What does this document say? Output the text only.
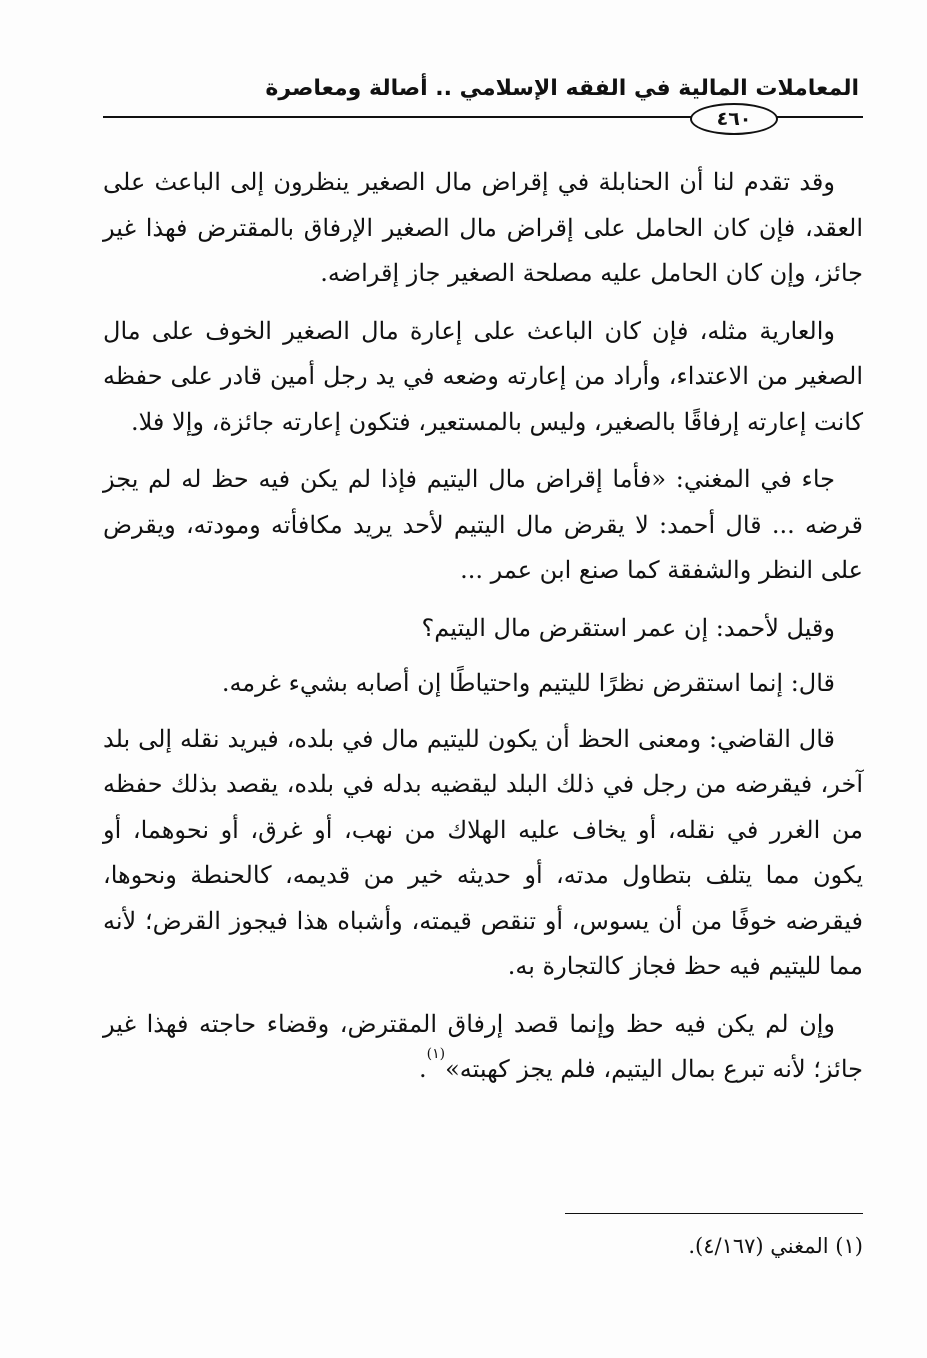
المعاملات المالية في الفقه الإسلامي .. أصالة ومعاصرة
٤٦٠

وقد تقدم لنا أن الحنابلة في إقراض مال الصغير ينظرون إلى الباعث على العقد، فإن كان الحامل على إقراض مال الصغير الإرفاق بالمقترض فهذا غير جائز، وإن كان الحامل عليه مصلحة الصغير جاز إقراضه.

والعارية مثله، فإن كان الباعث على إعارة مال الصغير الخوف على مال الصغير من الاعتداء، وأراد من إعارته وضعه في يد رجل أمين قادر على حفظه كانت إعارته إرفاقًا بالصغير، وليس بالمستعير، فتكون إعارته جائزة، وإلا فلا.

جاء في المغني: «فأما إقراض مال اليتيم فإذا لم يكن فيه حظ له لم يجز قرضه ... قال أحمد: لا يقرض مال اليتيم لأحد يريد مكافأته ومودته، ويقرض على النظر والشفقة كما صنع ابن عمر ...

وقيل لأحمد: إن عمر استقرض مال اليتيم؟

قال: إنما استقرض نظرًا لليتيم واحتياطًا إن أصابه بشيء غرمه.

قال القاضي: ومعنى الحظ أن يكون لليتيم مال في بلده، فيريد نقله إلى بلد آخر، فيقرضه من رجل في ذلك البلد ليقضيه بدله في بلده، يقصد بذلك حفظه من الغرر في نقله، أو يخاف عليه الهلاك من نهب، أو غرق، أو نحوهما، أو يكون مما يتلف بتطاول مدته، أو حديثه خير من قديمه، كالحنطة ونحوها، فيقرضه خوفًا من أن يسوس، أو تنقص قيمته، وأشباه هذا فيجوز القرض؛ لأنه مما لليتيم فيه حظ فجاز كالتجارة به.

وإن لم يكن فيه حظ وإنما قصد إرفاق المقترض، وقضاء حاجته فهذا غير جائز؛ لأنه تبرع بمال اليتيم، فلم يجز كهبته»$^{(١)}$.

(١) المغني (٤/١٦٧).
